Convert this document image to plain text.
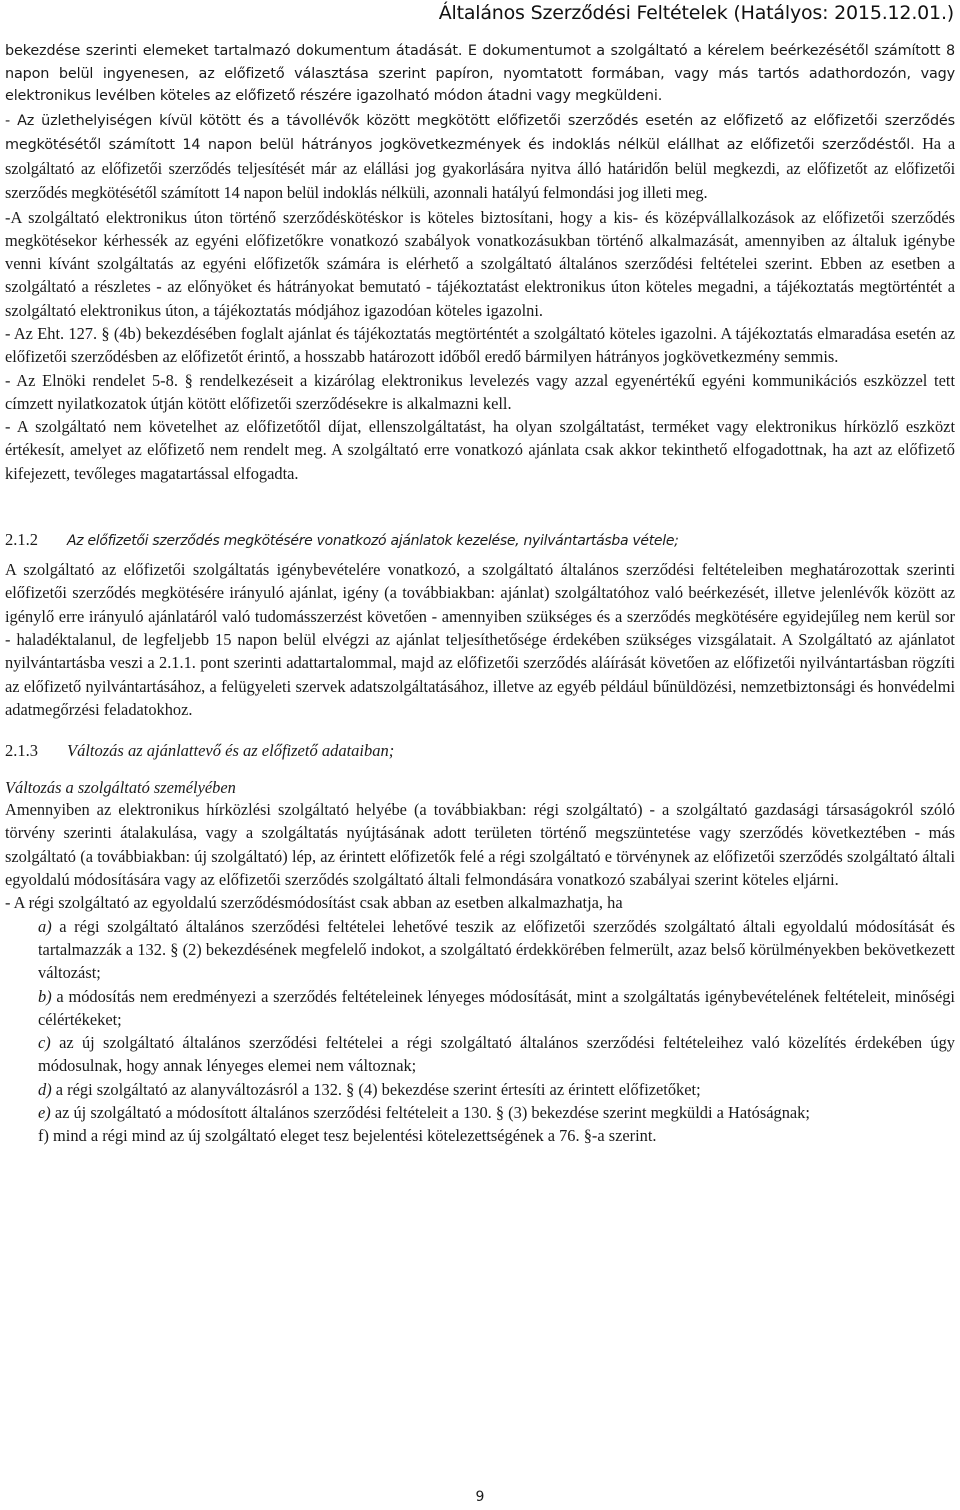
Általános Szerződési Feltételek (Hatályos: 2015.12.01.)

bekezdése szerinti elemeket tartalmazó dokumentum átadását. E dokumentumot a szolgáltató a kérelem beérkezésétől számított 8 napon belül ingyenesen, az előfizető választása szerint papíron, nyomtatott formában, vagy más tartós adathordozón, vagy elektronikus levélben köteles az előfizető részére igazolható módon átadni vagy megküldeni.

- Az üzlethelyiségen kívül kötött és a távollévők között megkötött előfizetői szerződés esetén az előfizető az előfizetői szerződés megkötésétől számított 14 napon belül hátrányos jogkövetkezmények és indoklás nélkül elállhat az előfizetői szerződéstől. Ha a szolgáltató az előfizetői szerződés teljesítését már az elállási jog gyakorlására nyitva álló határidőn belül megkezdi, az előfizetőt az előfizetői szerződés megkötésétől számított 14 napon belül indoklás nélküli, azonnali hatályú felmondási jog illeti meg.

-A szolgáltató elektronikus úton történő szerződéskötéskor is köteles biztosítani, hogy a kis- és középvállalkozások az előfizetői szerződés megkötésekor kérhessék az egyéni előfizetőkre vonatkozó szabályok vonatkozásukban történő alkalmazását, amennyiben az általuk igénybe venni kívánt szolgáltatás az egyéni előfizetők számára is elérhető a szolgáltató általános szerződési feltételei szerint. Ebben az esetben a szolgáltató a részletes - az előnyöket és hátrányokat bemutató - tájékoztatást elektronikus úton köteles megadni, a tájékoztatás megtörténtét a szolgáltató elektronikus úton, a tájékoztatás módjához igazodóan köteles igazolni.

- Az Eht. 127. § (4b) bekezdésében foglalt ajánlat és tájékoztatás megtörténtét a szolgáltató köteles igazolni. A tájékoztatás elmaradása esetén az előfizetői szerződésben az előfizetőt érintő, a hosszabb határozott időből eredő bármilyen hátrányos jogkövetkezmény semmis.

- Az Elnöki rendelet 5-8. § rendelkezéseit a kizárólag elektronikus levelezés vagy azzal egyenértékű egyéni kommunikációs eszközzel tett címzett nyilatkozatok útján kötött előfizetői szerződésekre is alkalmazni kell.

- A szolgáltató nem követelhet az előfizetőtől díjat, ellenszolgáltatást, ha olyan szolgáltatást, terméket vagy elektronikus hírközlő eszközt értékesít, amelyet az előfizető nem rendelt meg. A szolgáltató erre vonatkozó ajánlata csak akkor tekinthető elfogadottnak, ha azt az előfizető kifejezett, tevőleges magatartással elfogadta.

2.1.2 Az előfizetői szerződés megkötésére vonatkozó ajánlatok kezelése, nyilvántartásba vétele;

A szolgáltató az előfizetői szolgáltatás igénybevételére vonatkozó, a szolgáltató általános szerződési feltételeiben meghatározottak szerinti előfizetői szerződés megkötésére irányuló ajánlat, igény (a továbbiakban: ajánlat) szolgáltatóhoz való beérkezését, illetve jelenlévők között az igénylő erre irányuló ajánlatáról való tudomásszerzést követően - amennyiben szükséges és a szerződés megkötésére egyidejűleg nem kerül sor - haladéktalanul, de legfeljebb 15 napon belül elvégzi az ajánlat teljesíthetősége érdekében szükséges vizsgálatait. A Szolgáltató az ajánlatot nyilvántartásba veszi a 2.1.1. pont szerinti adattartalommal, majd az előfizetői szerződés aláírását követően az előfizetői nyilvántartásban rögzíti az előfizető nyilvántartásához, a felügyeleti szervek adatszolgáltatásához, illetve az egyéb például bűnüldözési, nemzetbiztonsági és honvédelmi adatmegőrzési feladatokhoz.

2.1.3 Változás az ajánlattevő és az előfizető adataiban;

Változás a szolgáltató személyében

Amennyiben az elektronikus hírközlési szolgáltató helyébe (a továbbiakban: régi szolgáltató) - a szolgáltató gazdasági társaságokról szóló törvény szerinti átalakulása, vagy a szolgáltatás nyújtásának adott területen történő megszüntetése vagy szerződés következtében - más szolgáltató (a továbbiakban: új szolgáltató) lép, az érintett előfizetők felé a régi szolgáltató e törvénynek az előfizetői szerződés szolgáltató általi egyoldalú módosítására vagy az előfizetői szerződés szolgáltató általi felmondására vonatkozó szabályai szerint köteles eljárni.

- A régi szolgáltató az egyoldalú szerződésmódosítást csak abban az esetben alkalmazhatja, ha

a) a régi szolgáltató általános szerződési feltételei lehetővé teszik az előfizetői szerződés szolgáltató általi egyoldalú módosítását és tartalmazzák a 132. § (2) bekezdésének megfelelő indokot, a szolgáltató érdekkörében felmerült, azaz belső körülményekben bekövetkezett változást;

b) a módosítás nem eredményezi a szerződés feltételeinek lényeges módosítását, mint a szolgáltatás igénybevételének feltételeit, minőségi célértékeket;

c) az új szolgáltató általános szerződési feltételei a régi szolgáltató általános szerződési feltételeihez való közelítés érdekében úgy módosulnak, hogy annak lényeges elemei nem változnak;

d) a régi szolgáltató az alanyváltozásról a 132. § (4) bekezdése szerint értesíti az érintett előfizetőket;

e) az új szolgáltató a módosított általános szerződési feltételeit a 130. § (3) bekezdése szerint megküldi a Hatóságnak;

f) mind a régi mind az új szolgáltató eleget tesz bejelentési kötelezettségének a 76. §-a szerint.

9
